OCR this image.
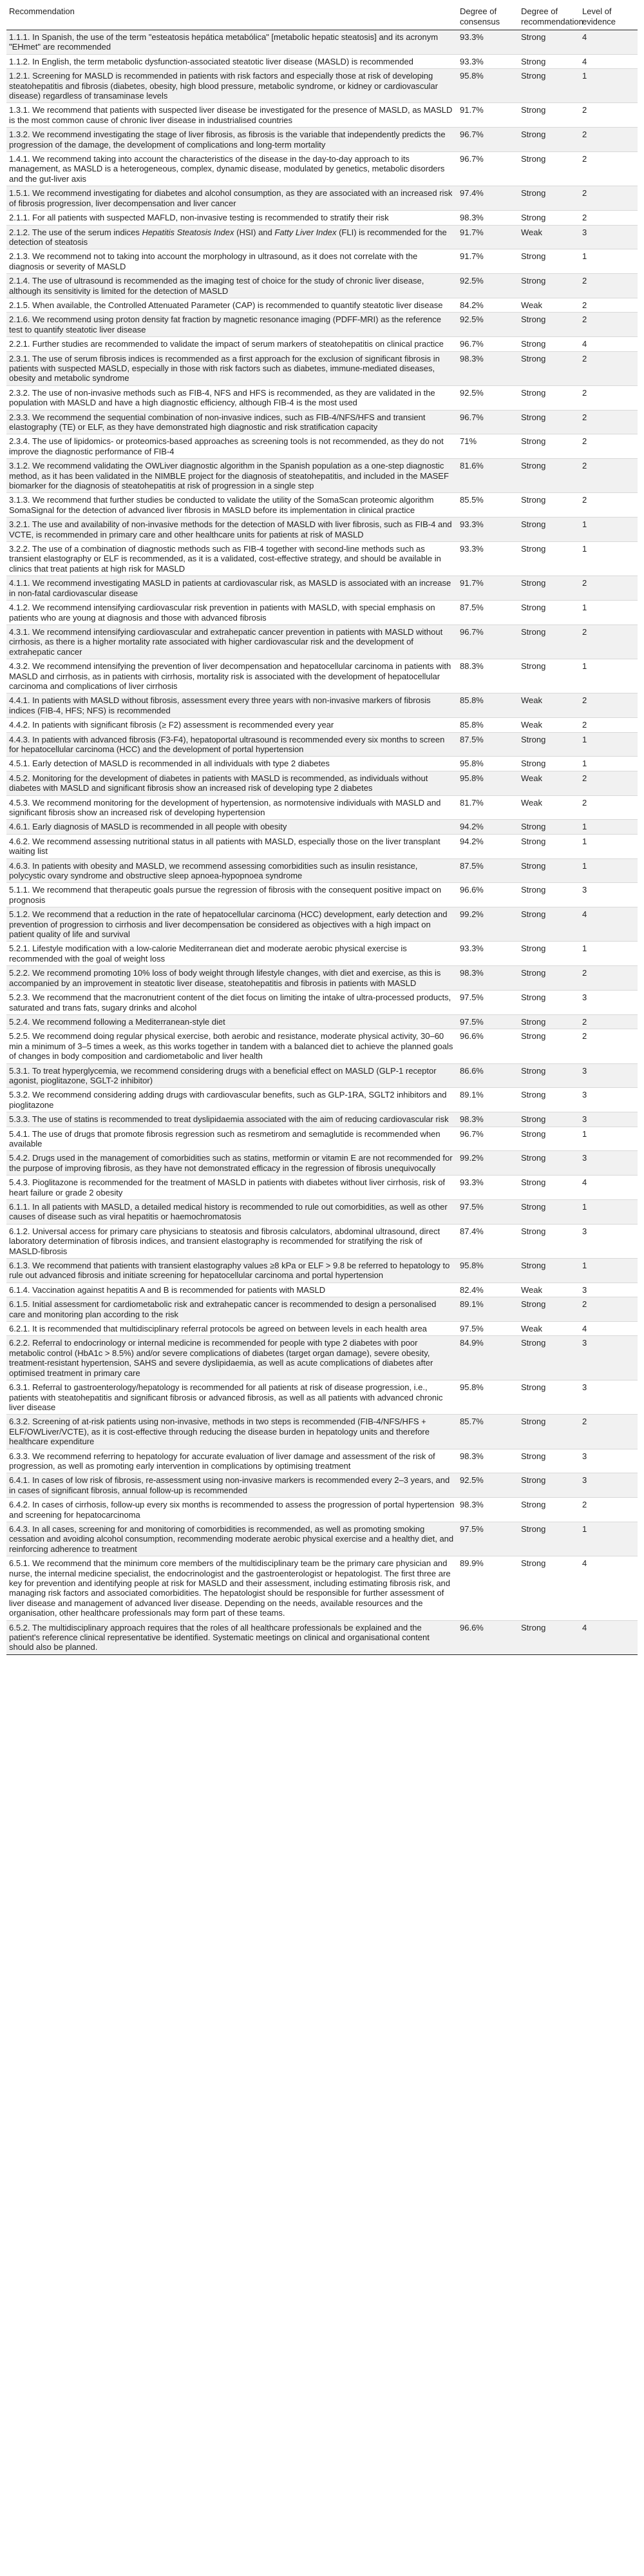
Recommendation	Degree of consensus	Degree of recommendation	Level of evidence
1.1.1. In Spanish, the use of the term "esteatosis hepática metabólica" [metabolic hepatic steatosis] and its acronym "EHmet" are recommended	93.3%	Strong	4
1.1.2. In English, the term metabolic dysfunction-associated steatotic liver disease (MASLD) is recommended	93.3%	Strong	4
1.2.1. Screening for MASLD is recommended in patients with risk factors and especially those at risk of developing steatohepatitis and fibrosis (diabetes, obesity, high blood pressure, metabolic syndrome, or kidney or cardiovascular disease) regardless of transaminase levels	95.8%	Strong	1
1.3.1. We recommend that patients with suspected liver disease be investigated for the presence of MASLD, as MASLD is the most common cause of chronic liver disease in industrialised countries	91.7%	Strong	2
1.3.2. We recommend investigating the stage of liver fibrosis, as fibrosis is the variable that independently predicts the progression of the damage, the development of complications and long-term mortality	96.7%	Strong	2
1.4.1. We recommend taking into account the characteristics of the disease in the day-to-day approach to its management, as MASLD is a heterogeneous, complex, dynamic disease, modulated by genetics, metabolic disorders and the gut-liver axis	96.7%	Strong	2
1.5.1. We recommend investigating for diabetes and alcohol consumption, as they are associated with an increased risk of fibrosis progression, liver decompensation and liver cancer	97.4%	Strong	2
2.1.1. For all patients with suspected MAFLD, non-invasive testing is recommended to stratify their risk	98.3%	Strong	2
2.1.2. The use of the serum indices Hepatitis Steatosis Index (HSI) and Fatty Liver Index (FLI) is recommended for the detection of steatosis	91.7%	Weak	3
2.1.3. We recommend not to taking into account the morphology in ultrasound, as it does not correlate with the diagnosis or severity of MASLD	91.7%	Strong	1
2.1.4. The use of ultrasound is recommended as the imaging test of choice for the study of chronic liver disease, although its sensitivity is limited for the detection of MASLD	92.5%	Strong	2
2.1.5. When available, the Controlled Attenuated Parameter (CAP) is recommended to quantify steatotic liver disease	84.2%	Weak	2
2.1.6. We recommend using proton density fat fraction by magnetic resonance imaging (PDFF-MRI) as the reference test to quantify steatotic liver disease	92.5%	Strong	2
2.2.1. Further studies are recommended to validate the impact of serum markers of steatohepatitis on clinical practice	96.7%	Strong	4
2.3.1. The use of serum fibrosis indices is recommended as a first approach for the exclusion of significant fibrosis in patients with suspected MASLD, especially in those with risk factors such as diabetes, immune-mediated diseases, obesity and metabolic syndrome	98.3%	Strong	2
2.3.2. The use of non-invasive methods such as FIB-4, NFS and HFS is recommended, as they are validated in the population with MASLD and have a high diagnostic efficiency, although FIB-4 is the most used	92.5%	Strong	2
2.3.3. We recommend the sequential combination of non-invasive indices, such as FIB-4/NFS/HFS and transient elastography (TE) or ELF, as they have demonstrated high diagnostic and risk stratification capacity	96.7%	Strong	2
2.3.4. The use of lipidomics- or proteomics-based approaches as screening tools is not recommended, as they do not improve the diagnostic performance of FIB-4	71%	Strong	2
3.1.2. We recommend validating the OWLiver diagnostic algorithm in the Spanish population as a one-step diagnostic method, as it has been validated in the NIMBLE project for the diagnosis of steatohepatitis, and included in the MASEF biomarker for the diagnosis of steatohepatitis at risk of progression in a single step	81.6%	Strong	2
3.1.3. We recommend that further studies be conducted to validate the utility of the SomaScan proteomic algorithm SomaSignal for the detection of advanced liver fibrosis in MASLD before its implementation in clinical practice	85.5%	Strong	2
3.2.1. The use and availability of non-invasive methods for the detection of MASLD with liver fibrosis, such as FIB-4 and VCTE, is recommended in primary care and other healthcare units for patients at risk of MASLD	93.3%	Strong	1
3.2.2. The use of a combination of diagnostic methods such as FIB-4 together with second-line methods such as transient elastography or ELF is recommended, as it is a validated, cost-effective strategy, and should be available in clinics that treat patients at high risk for MASLD	93.3%	Strong	1
4.1.1. We recommend investigating MASLD in patients at cardiovascular risk, as MASLD is associated with an increase in non-fatal cardiovascular disease	91.7%	Strong	2
4.1.2. We recommend intensifying cardiovascular risk prevention in patients with MASLD, with special emphasis on patients who are young at diagnosis and those with advanced fibrosis	87.5%	Strong	1
4.3.1. We recommend intensifying cardiovascular and extrahepatic cancer prevention in patients with MASLD without cirrhosis, as there is a higher mortality rate associated with higher cardiovascular risk and the development of extrahepatic cancer	96.7%	Strong	2
4.3.2. We recommend intensifying the prevention of liver decompensation and hepatocellular carcinoma in patients with MASLD and cirrhosis, as in patients with cirrhosis, mortality risk is associated with the development of hepatocellular carcinoma and complications of liver cirrhosis	88.3%	Strong	1
4.4.1. In patients with MASLD without fibrosis, assessment every three years with non-invasive markers of fibrosis indices (FIB-4, HFS; NFS) is recommended	85.8%	Weak	2
4.4.2. In patients with significant fibrosis (≥ F2) assessment is recommended every year	85.8%	Weak	2
4.4.3. In patients with advanced fibrosis (F3-F4), hepatoportal ultrasound is recommended every six months to screen for hepatocellular carcinoma (HCC) and the development of portal hypertension	87.5%	Strong	1
4.5.1. Early detection of MASLD is recommended in all individuals with type 2 diabetes	95.8%	Strong	1
4.5.2. Monitoring for the development of diabetes in patients with MASLD is recommended, as individuals without diabetes with MASLD and significant fibrosis show an increased risk of developing type 2 diabetes	95.8%	Weak	2
4.5.3. We recommend monitoring for the development of hypertension, as normotensive individuals with MASLD and significant fibrosis show an increased risk of developing hypertension	81.7%	Weak	2
4.6.1. Early diagnosis of MASLD is recommended in all people with obesity	94.2%	Strong	1
4.6.2. We recommend assessing nutritional status in all patients with MASLD, especially those on the liver transplant waiting list	94.2%	Strong	1
4.6.3. In patients with obesity and MASLD, we recommend assessing comorbidities such as insulin resistance, polycystic ovary syndrome and obstructive sleep apnoea-hypopnoea syndrome	87.5%	Strong	1
5.1.1. We recommend that therapeutic goals pursue the regression of fibrosis with the consequent positive impact on prognosis	96.6%	Strong	3
5.1.2. We recommend that a reduction in the rate of hepatocellular carcinoma (HCC) development, early detection and prevention of progression to cirrhosis and liver decompensation be considered as objectives with a high impact on patient quality of life and survival	99.2%	Strong	4
5.2.1. Lifestyle modification with a low-calorie Mediterranean diet and moderate aerobic physical exercise is recommended with the goal of weight loss	93.3%	Strong	1
5.2.2. We recommend promoting 10% loss of body weight through lifestyle changes, with diet and exercise, as this is accompanied by an improvement in steatotic liver disease, steatohepatitis and fibrosis in patients with MASLD	98.3%	Strong	2
5.2.3. We recommend that the macronutrient content of the diet focus on limiting the intake of ultra-processed products, saturated and trans fats, sugary drinks and alcohol	97.5%	Strong	3
5.2.4. We recommend following a Mediterranean-style diet	97.5%	Strong	2
5.2.5. We recommend doing regular physical exercise, both aerobic and resistance, moderate physical activity, 30–60 min a minimum of 3–5 times a week, as this works together in tandem with a balanced diet to achieve the planned goals of changes in body composition and cardiometabolic and liver health	96.6%	Strong	2
5.3.1. To treat hyperglycemia, we recommend considering drugs with a beneficial effect on MASLD (GLP-1 receptor agonist, pioglitazone, SGLT-2 inhibitor)	86.6%	Strong	3
5.3.2. We recommend considering adding drugs with cardiovascular benefits, such as GLP-1RA, SGLT2 inhibitors and pioglitazone	89.1%	Strong	3
5.3.3. The use of statins is recommended to treat dyslipidaemia associated with the aim of reducing cardiovascular risk	98.3%	Strong	3
5.4.1. The use of drugs that promote fibrosis regression such as resmetirom and semaglutide is recommended when available	96.7%	Strong	1
5.4.2. Drugs used in the management of comorbidities such as statins, metformin or vitamin E are not recommended for the purpose of improving fibrosis, as they have not demonstrated efficacy in the regression of fibrosis unequivocally	99.2%	Strong	3
5.4.3. Pioglitazone is recommended for the treatment of MASLD in patients with diabetes without liver cirrhosis, risk of heart failure or grade 2 obesity	93.3%	Strong	4
6.1.1. In all patients with MASLD, a detailed medical history is recommended to rule out comorbidities, as well as other causes of disease such as viral hepatitis or haemochromatosis	97.5%	Strong	1
6.1.2. Universal access for primary care physicians to steatosis and fibrosis calculators, abdominal ultrasound, direct laboratory determination of fibrosis indices, and transient elastography is recommended for stratifying the risk of MASLD-fibrosis	87.4%	Strong	3
6.1.3. We recommend that patients with transient elastography values ≥8 kPa or ELF > 9.8 be referred to hepatology to rule out advanced fibrosis and initiate screening for hepatocellular carcinoma and portal hypertension	95.8%	Strong	1
6.1.4. Vaccination against hepatitis A and B is recommended for patients with MASLD	82.4%	Weak	3
6.1.5. Initial assessment for cardiometabolic risk and extrahepatic cancer is recommended to design a personalised care and monitoring plan according to the risk	89.1%	Strong	2
6.2.1. It is recommended that multidisciplinary referral protocols be agreed on between levels in each health area	97.5%	Weak	4
6.2.2. Referral to endocrinology or internal medicine is recommended for people with type 2 diabetes with poor metabolic control (HbA1c > 8.5%) and/or severe complications of diabetes (target organ damage), severe obesity, treatment-resistant hypertension, SAHS and severe dyslipidaemia, as well as acute complications of diabetes after optimised treatment in primary care	84.9%	Strong	3
6.3.1. Referral to gastroenterology/hepatology is recommended for all patients at risk of disease progression, i.e., patients with steatohepatitis and significant fibrosis or advanced fibrosis, as well as all patients with advanced chronic liver disease	95.8%	Strong	3
6.3.2. Screening of at-risk patients using non-invasive, methods in two steps is recommended (FIB-4/NFS/HFS + ELF/OWLiver/VCTE), as it is cost-effective through reducing the disease burden in hepatology units and therefore healthcare expenditure	85.7%	Strong	2
6.3.3. We recommend referring to hepatology for accurate evaluation of liver damage and assessment of the risk of progression, as well as promoting early intervention in complications by optimising treatment	98.3%	Strong	3
6.4.1. In cases of low risk of fibrosis, re-assessment using non-invasive markers is recommended every 2–3 years, and in cases of significant fibrosis, annual follow-up is recommended	92.5%	Strong	3
6.4.2. In cases of cirrhosis, follow-up every six months is recommended to assess the progression of portal hypertension and screening for hepatocarcinoma	98.3%	Strong	2
6.4.3. In all cases, screening for and monitoring of comorbidities is recommended, as well as promoting smoking cessation and avoiding alcohol consumption, recommending moderate aerobic physical exercise and a healthy diet, and reinforcing adherence to treatment	97.5%	Strong	1
6.5.1. We recommend that the minimum core members of the multidisciplinary team be the primary care physician and nurse, the internal medicine specialist, the endocrinologist and the gastroenterologist or hepatologist. The first three are key for prevention and identifying people at risk for MASLD and their assessment, including estimating fibrosis risk, and managing risk factors and associated comorbidities. The hepatologist should be responsible for further assessment of liver disease and management of advanced liver disease. Depending on the needs, available resources and the organisation, other healthcare professionals may form part of these teams.	89.9%	Strong	4
6.5.2. The multidisciplinary approach requires that the roles of all healthcare professionals be explained and the patient's reference clinical representative be identified. Systematic meetings on clinical and organisational content should also be planned.	96.6%	Strong	4
